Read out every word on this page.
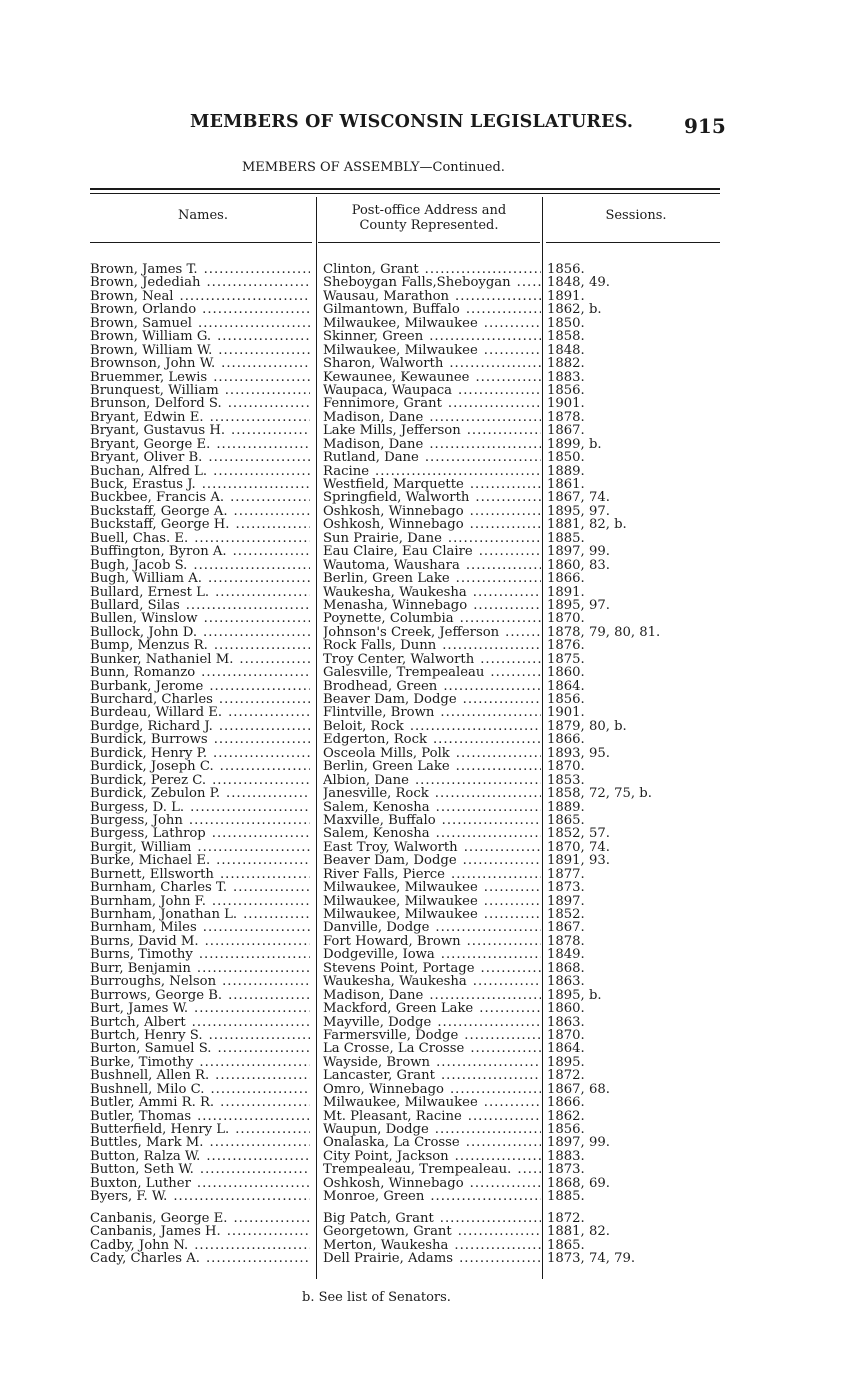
MEMBERS OF WISCONSIN LEGISLATURES.	915
MEMBERS OF ASSEMBLY—Continued.
Names.	Post-office Address and
County Represented.
Sessions.
Brown, James T. .....	Clinton, Grant .....	1856.
Brown, Jedediah .....	Sheboygan Falls,Sheboygan .....	1848, 49.
Brown, Neal .....	Wausau, Marathon .....	1891.
Brown, Orlando .....	Gilmantown, Buffalo .....	1862, b.
Brown, Samuel .....	Milwaukee, Milwaukee .....	1850.
Brown, William G. .....	Skinner, Green .....	1858.
Brown, William W. .....	Milwaukee, Milwaukee .....	1848.
Brownson, John W. .....	Sharon, Walworth .....	1882.
Bruemmer, Lewis .....	Kewaunee, Kewaunee .....	1883.
Brunquest, William .....	Waupaca, Waupaca .....	1856.
Brunson, Delford S. .....	Fennimore, Grant .....	1901.
Bryant, Edwin E. .....	Madison, Dane .....	1878.
Bryant, Gustavus H. .....	Lake Mills, Jefferson .....	1867.
Bryant, George E. .....	Madison, Dane .....	1899, b.
Bryant, Oliver B. .....	Rutland, Dane .....	1850.
Buchan, Alfred L. .....	Racine .....	1889.
Buck, Erastus J. .....	Westfield, Marquette .....	1861.
Buckbee, Francis A. .....	Springfield, Walworth .....	1867, 74.
Buckstaff, George A. .....	Oshkosh, Winnebago .....	1895, 97.
Buckstaff, George H. .....	Oshkosh, Winnebago .....	1881, 82, b.
Buell, Chas. E. .....	Sun Prairie, Dane .....	1885.
Buffington, Byron A. .....	Eau Claire, Eau Claire .....	1897, 99.
Bugh, Jacob S. .....	Wautoma, Waushara .....	1860, 83.
Bugh, William A. .....	Berlin, Green Lake .....	1866.
Bullard, Ernest L. .....	Waukesha, Waukesha .....	1891.
Bullard, Silas .....	Menasha, Winnebago .....	1895, 97.
Bullen, Winslow .....	Poynette, Columbia .....	1870.
Bullock, John D. .....	Johnson's Creek, Jefferson .....	1878, 79, 80, 81.
Bump, Menzus R. .....	Rock Falls, Dunn .....	1876.
Bunker, Nathaniel M. .....	Troy Center, Walworth .....	1875.
Bunn, Romanzo .....	Galesville, Trempealeau .....	1860.
Burbank, Jerome .....	Brodhead, Green .....	1864.
Burchard, Charles .....	Beaver Dam, Dodge .....	1856.
Burdeau, Willard E. .....	Flintville, Brown .....	1901.
Burdge, Richard J. .....	Beloit, Rock .....	1879, 80, b.
Burdick, Burrows .....	Edgerton, Rock .....	1866.
Burdick, Henry P. .....	Osceola Mills, Polk .....	1893, 95.
Burdick, Joseph C. .....	Berlin, Green Lake .....	1870.
Burdick, Perez C. .....	Albion, Dane .....	1853.
Burdick, Zebulon P. .....	Janesville, Rock .....	1858, 72, 75, b.
Burgess, D. L. .....	Salem, Kenosha .....	1889.
Burgess, John .....	Maxville, Buffalo .....	1865.
Burgess, Lathrop .....	Salem, Kenosha .....	1852, 57.
Burgit, William .....	East Troy, Walworth .....	1870, 74.
Burke, Michael E. .....	Beaver Dam, Dodge .....	1891, 93.
Burnett, Ellsworth .....	River Falls, Pierce .....	1877.
Burnham, Charles T. .....	Milwaukee, Milwaukee .....	1873.
Burnham, John F. .....	Milwaukee, Milwaukee .....	1897.
Burnham, Jonathan L. .....	Milwaukee, Milwaukee .....	1852.
Burnham, Miles .....	Danville, Dodge .....	1867.
Burns, David M. .....	Fort Howard, Brown .....	1878.
Burns, Timothy .....	Dodgeville, Iowa .....	1849.
Burr, Benjamin .....	Stevens Point, Portage .....	1868.
Burroughs, Nelson .....	Waukesha, Waukesha .....	1863.
Burrows, George B. .....	Madison, Dane .....	1895, b.
Burt, James W. .....	Mackford, Green Lake .....	1860.
Burtch, Albert .....	Mayville, Dodge .....	1863.
Burtch, Henry S. .....	Farmersville, Dodge .....	1870.
Burton, Samuel S. .....	La Crosse, La Crosse .....	1864.
Burke, Timothy .....	Wayside, Brown .....	1895.
Bushnell, Allen R. .....	Lancaster, Grant .....	1872.
Bushnell, Milo C. .....	Omro, Winnebago .....	1867, 68.
Butler, Ammi R. R. .....	Milwaukee, Milwaukee .....	1866.
Butler, Thomas .....	Mt. Pleasant, Racine .....	1862.
Butterfield, Henry L. .....	Waupun, Dodge .....	1856.
Buttles, Mark M. .....	Onalaska, La Crosse .....	1897, 99.
Button, Ralza W. .....	City Point, Jackson .....	1883.
Button, Seth W. .....	Trempealeau, Trempealeau. .....	1873.
Buxton, Luther .....	Oshkosh, Winnebago .....	1868, 69.
Byers, F. W. .....	Monroe, Green .....	1885.
Canbanis, George E. .....	Big Patch, Grant .....	1872.
Canbanis, James H. .....	Georgetown, Grant .....	1881, 82.
Cadby, John N. .....	Merton, Waukesha .....	1865.
Cady, Charles A. .....	Dell Prairie, Adams .....	1873, 74, 79.
b. See list of Senators.
